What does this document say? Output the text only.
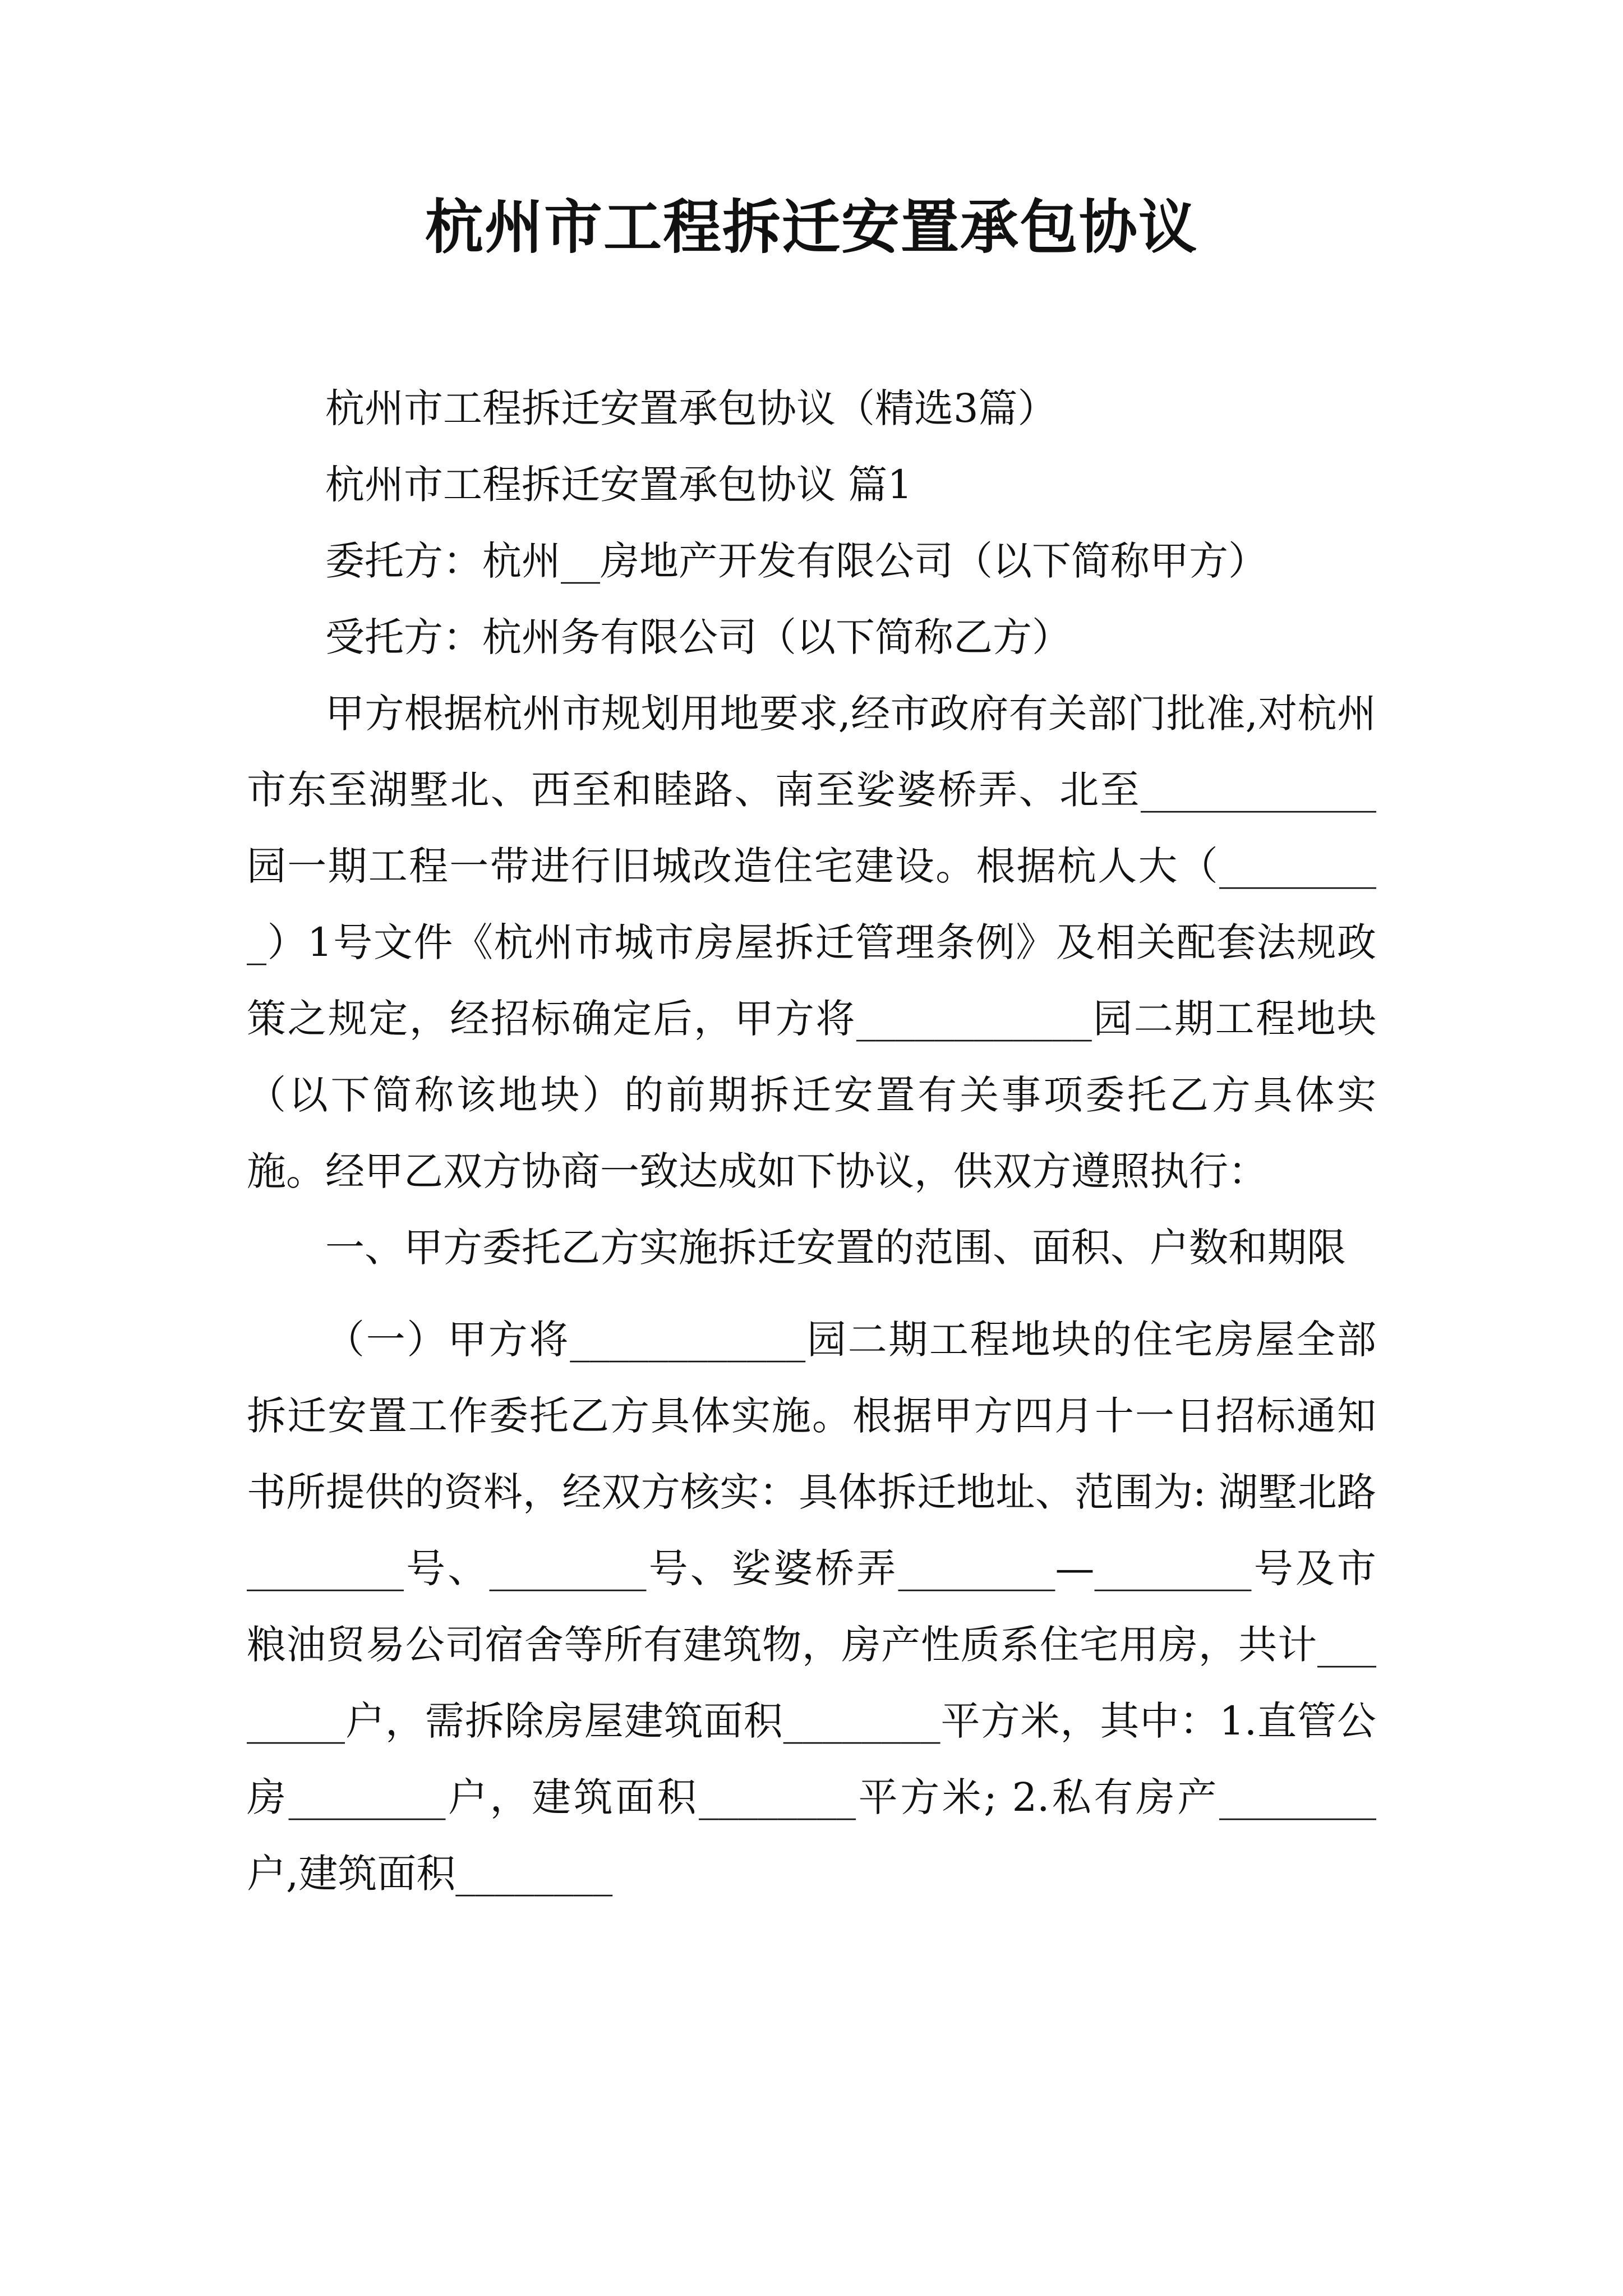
杭州市工程拆迁安置承包协议

杭州市工程拆迁安置承包协议（精选3篇）

杭州市工程拆迁安置承包协议 篇1

委托方：杭州__房地产开发有限公司（以下简称甲方）

受托方：杭州务有限公司（以下简称乙方）

甲方根据杭州市规划用地要求,经市政府有关部门批准,对杭州市东至湖墅北、西至和睦路、南至娑婆桥弄、北至____________园一期工程一带进行旧城改造住宅建设。根据杭人大（_________）1号文件《杭州市城市房屋拆迁管理条例》及相关配套法规政策之规定，经招标确定后，甲方将____________园二期工程地块（以下简称该地块）的前期拆迁安置有关事项委托乙方具体实施。经甲乙双方协商一致达成如下协议，供双方遵照执行：

一、甲方委托乙方实施拆迁安置的范围、面积、户数和期限

（一）甲方将____________园二期工程地块的住宅房屋全部拆迁安置工作委托乙方具体实施。根据甲方四月十一日招标通知书所提供的资料，经双方核实：具体拆迁地址、范围为: 湖墅北路________号、________号、娑婆桥弄________—________号及市粮油贸易公司宿舍等所有建筑物，房产性质系住宅用房，共计________户，需拆除房屋建筑面积________平方米，其中：1.直管公房________户，建筑面积________平方米; 2.私有房产________户,建筑面积________
